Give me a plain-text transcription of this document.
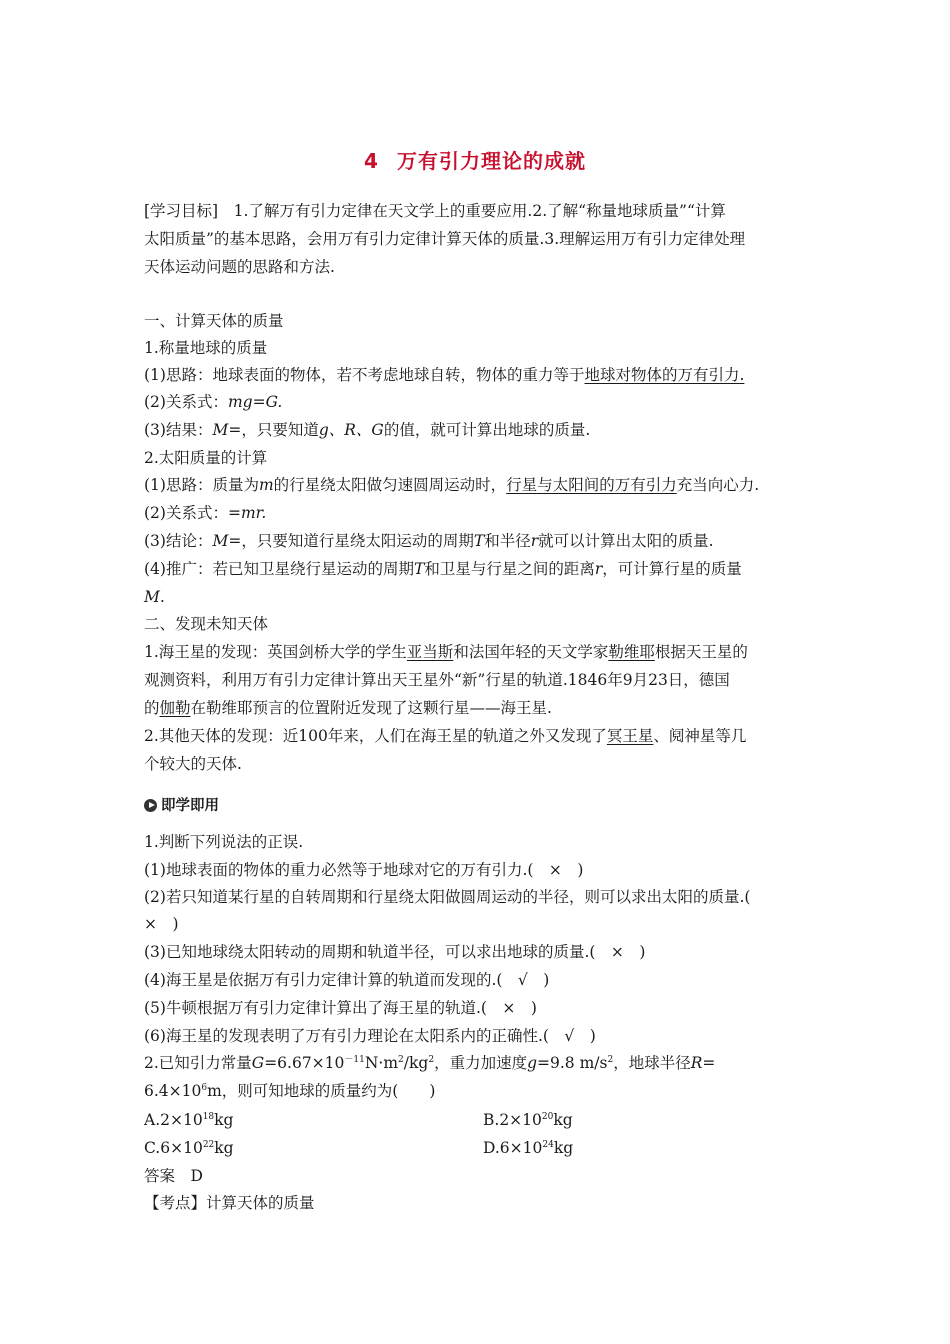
4 万有引力理论的成就
[学习目标]　 1.了解万有引力定律在天文学上的重要应用.2.了解“称量地球质量”“计算
太阳质量”的基本思路，会用万有引力定律计算天体的质量.3.理解运用万有引力定律处理
天体运动问题的思路和方法.
一、计算天体的质量
1.称量地球的质量
(1)思路：地球表面的物体，若不考虑地球自转，物体的重力等于地球对物体的万有引力.
(2)关系式：mg=G.
(3)结果：M=，只要知道g、R、G的值，就可计算出地球的质量.
2.太阳质量的计算
(1)思路：质量为m的行星绕太阳做匀速圆周运动时，行星与太阳间的万有引力充当向心力.
(2)关系式：=mr.
(3)结论：M=，只要知道行星绕太阳运动的周期T和半径r就可以计算出太阳的质量.
(4)推广：若已知卫星绕行星运动的周期T和卫星与行星之间的距离r，可计算行星的质量
M.
二、发现未知天体
1.海王星的发现：英国剑桥大学的学生亚当斯和法国年轻的天文学家勒维耶根据天王星的
观测资料，利用万有引力定律计算出天王星外“新”行星的轨道.1846年9月23日，德国
的伽勒在勒维耶预言的位置附近发现了这颗行星——海王星.
2.其他天体的发现：近100年来，人们在海王星的轨道之外又发现了冥王星、阋神星等几
个较大的天体.
即学即用
1.判断下列说法的正误.
(1)地球表面的物体的重力必然等于地球对它的万有引力.(　×　)
(2)若只知道某行星的自转周期和行星绕太阳做圆周运动的半径，则可以求出太阳的质量.(
×　)
(3)已知地球绕太阳转动的周期和轨道半径，可以求出地球的质量.(　×　)
(4)海王星是依据万有引力定律计算的轨道而发现的.(　√　)
(5)牛顿根据万有引力定律计算出了海王星的轨道.(　×　)
(6)海王星的发现表明了万有引力理论在太阳系内的正确性.(　√　)
2.已知引力常量$G=6.67\times 10^{-11}N\cdot m^2/kg^2$，重力加速度g=9.8 $m/s^2$，地球半径R=
$6.4\times 10^6m$，则可知地球的质量约为(　　)
$A.2\times 10^{18}kg$	$B.2\times 10^{20}kg$
$C.6\times 10^{22}kg$	$D.6\times 10^{24}kg$
答案　D
【考点】计算天体的质量
